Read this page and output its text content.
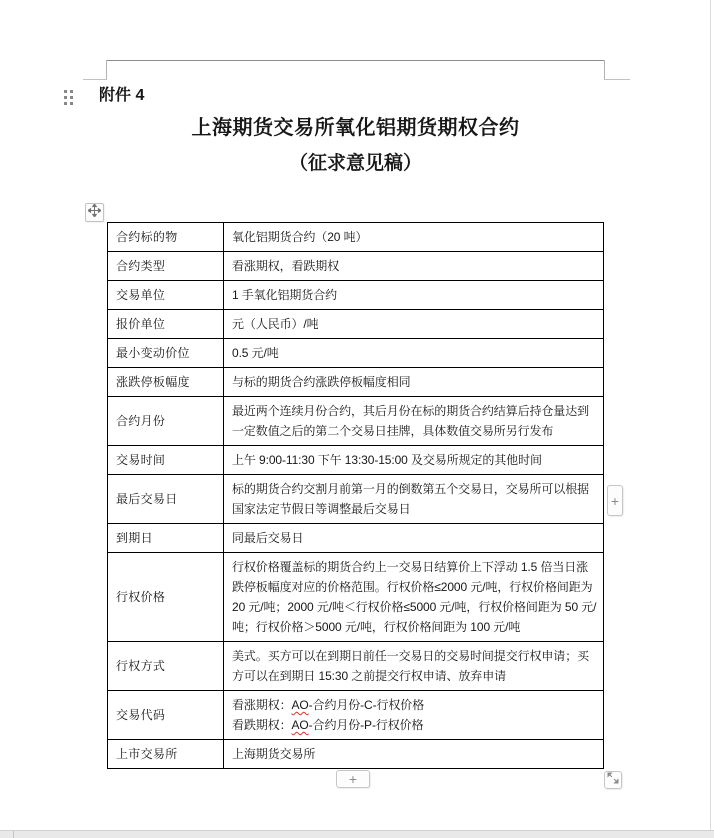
附件 4
上海期货交易所氧化铝期货期权合约
（征求意见稿）
合约标的物	氧化铝期货合约（20 吨）
合约类型	看涨期权，看跌期权
交易单位	1 手氧化铝期货合约
报价单位	元（人民币）/吨
最小变动价位	0.5 元/吨
涨跌停板幅度	与标的期货合约涨跌停板幅度相同
合约月份	最近两个连续月份合约，其后月份在标的期货合约结算后持仓量达到一定数值之后的第二个交易日挂牌，具体数值交易所另行发布
交易时间	上午 9:00-11:30 下午 13:30-15:00 及交易所规定的其他时间
最后交易日	标的期货合约交割月前第一月的倒数第五个交易日，交易所可以根据国家法定节假日等调整最后交易日
到期日	同最后交易日
行权价格	行权价格覆盖标的期货合约上一交易日结算价上下浮动 1.5 倍当日涨跌停板幅度对应的价格范围。行权价格≤2000 元/吨，行权价格间距为 20 元/吨；2000 元/吨＜行权价格≤5000 元/吨，行权价格间距为 50 元/吨；行权价格＞5000 元/吨，行权价格间距为 100 元/吨
行权方式	美式。买方可以在到期日前任一交易日的交易时间提交行权申请；买方可以在到期日 15:30 之前提交行权申请、放弃申请
交易代码	看涨期权：AO-合约月份-C-行权价格
看跌期权：AO-合约月份-P-行权价格

上市交易所	上海期货交易所
+
+
